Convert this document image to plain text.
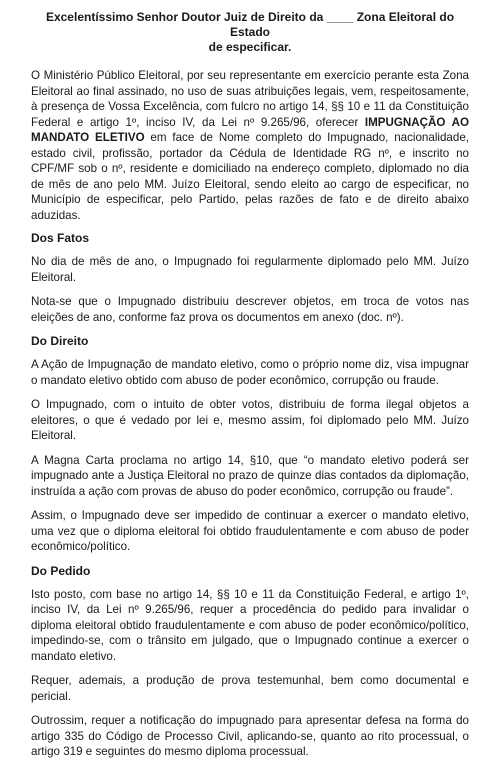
Excelentíssimo Senhor Doutor Juiz de Direito da ____ Zona Eleitoral do Estado
de especificar.

O Ministério Público Eleitoral, por seu representante em exercício perante esta Zona Eleitoral ao final assinado, no uso de suas atribuições legais, vem, respeitosamente, à presença de Vossa Excelência, com fulcro no artigo 14, §§ 10 e 11 da Constituição Federal e artigo 1º, inciso IV, da Lei nº 9.265/96, oferecer IMPUGNAÇÃO AO MANDATO ELETIVO em face de Nome completo do Impugnado, nacionalidade, estado civil, profissão, portador da Cédula de Identidade RG nº, e inscrito no CPF/MF sob o nº, residente e domiciliado na endereço completo, diplomado no dia de mês de ano pelo MM. Juízo Eleitoral, sendo eleito ao cargo de especificar, no Município de especificar, pelo Partido, pelas razões de fato e de direito abaixo aduzidas.

Dos Fatos

No dia de mês de ano, o Impugnado foi regularmente diplomado pelo MM. Juízo Eleitoral.

Nota-se que o Impugnado distribuiu descrever objetos, em troca de votos nas eleições de ano, conforme faz prova os documentos em anexo (doc. nº).

Do Direito

A Ação de Impugnação de mandato eletivo, como o próprio nome diz, visa impugnar o mandato eletivo obtido com abuso de poder econômico, corrupção ou fraude.

O Impugnado, com o intuito de obter votos, distribuiu de forma ilegal objetos a eleitores, o que é vedado por lei e, mesmo assim, foi diplomado pelo MM. Juízo Eleitoral.

A Magna Carta proclama no artigo 14, §10, que “o mandato eletivo poderá ser impugnado ante a Justiça Eleitoral no prazo de quinze dias contados da diplomação, instruída a ação com provas de abuso do poder econômico, corrupção ou fraude”.

Assim, o Impugnado deve ser impedido de continuar a exercer o mandato eletivo, uma vez que o diploma eleitoral foi obtido fraudulentamente e com abuso de poder econômico/político.

Do Pedido

Isto posto, com base no artigo 14, §§ 10 e 11 da Constituição Federal, e artigo 1º, inciso IV, da Lei nº 9.265/96, requer a procedência do pedido para invalidar o diploma eleitoral obtido fraudulentamente e com abuso de poder econômico/político, impedindo-se, com o trânsito em julgado, que o Impugnado continue a exercer o mandato eletivo.

Requer, ademais, a produção de prova testemunhal, bem como documental e pericial.

Outrossim, requer a notificação do impugnado para apresentar defesa na forma do artigo 335 do Código de Processo Civil, aplicando-se, quanto ao rito processual, o artigo 319 e seguintes do mesmo diploma processual.
